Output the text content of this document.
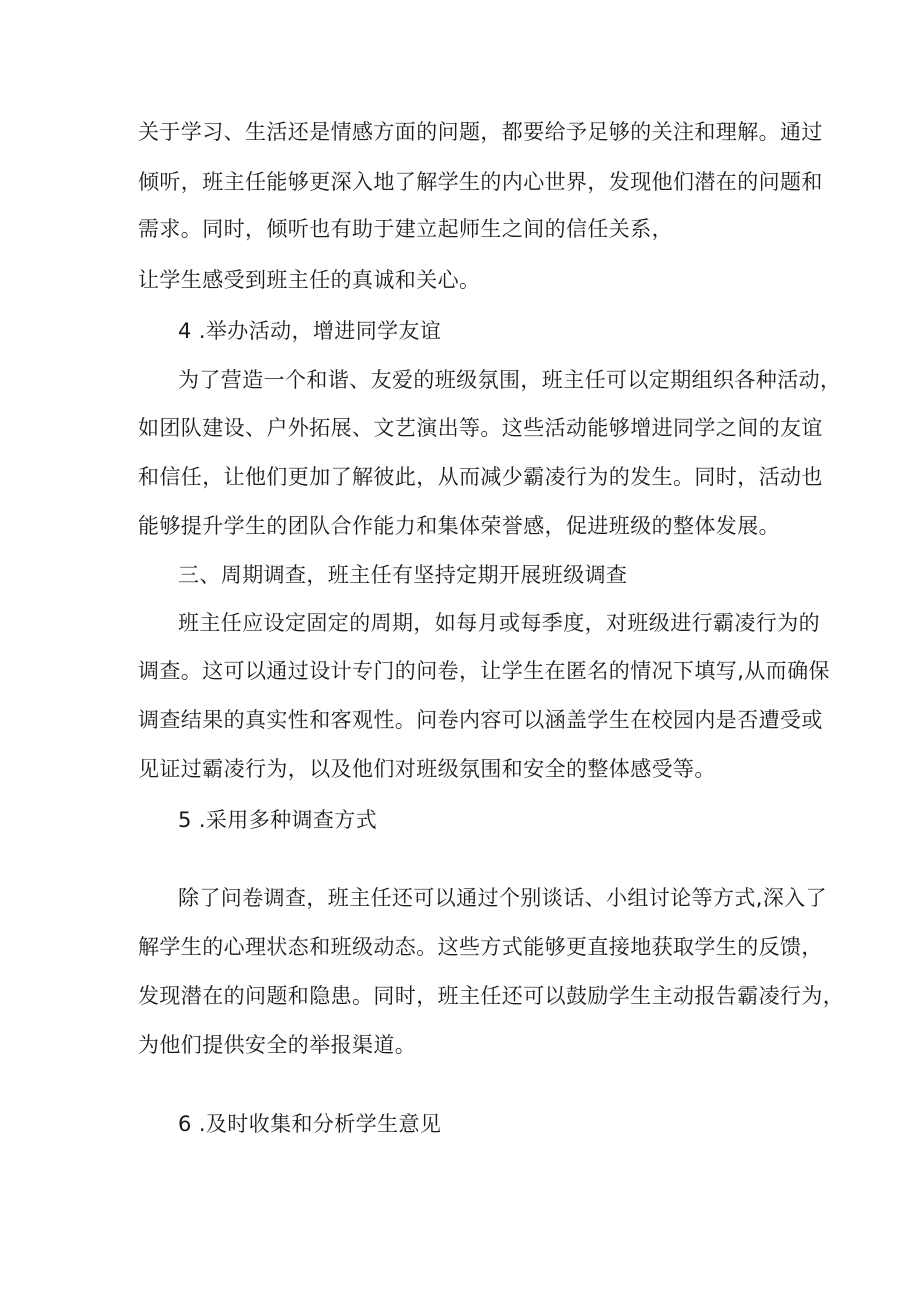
关于学习、生活还是情感方面的问题，都要给予足够的关注和理解。通过
倾听，班主任能够更深入地了解学生的内心世界，发现他们潜在的问题和
需求。同时，倾听也有助于建立起师生之间的信任关系，
让学生感受到班主任的真诚和关心。
4 .举办活动，增进同学友谊
为了营造一个和谐、友爱的班级氛围，班主任可以定期组织各种活动，
如团队建设、户外拓展、文艺演出等。这些活动能够增进同学之间的友谊
和信任，让他们更加了解彼此，从而减少霸凌行为的发生。同时，活动也
能够提升学生的团队合作能力和集体荣誉感，促进班级的整体发展。
三、周期调查，班主任有坚持定期开展班级调查
班主任应设定固定的周期，如每月或每季度，对班级进行霸凌行为的
调查。这可以通过设计专门的问卷，让学生在匿名的情况下填写,从而确保
调查结果的真实性和客观性。问卷内容可以涵盖学生在校园内是否遭受或
见证过霸凌行为，以及他们对班级氛围和安全的整体感受等。
5 .采用多种调查方式
除了问卷调查，班主任还可以通过个别谈话、小组讨论等方式,深入了
解学生的心理状态和班级动态。这些方式能够更直接地获取学生的反馈，
发现潜在的问题和隐患。同时，班主任还可以鼓励学生主动报告霸凌行为，
为他们提供安全的举报渠道。
6 .及时收集和分析学生意见
